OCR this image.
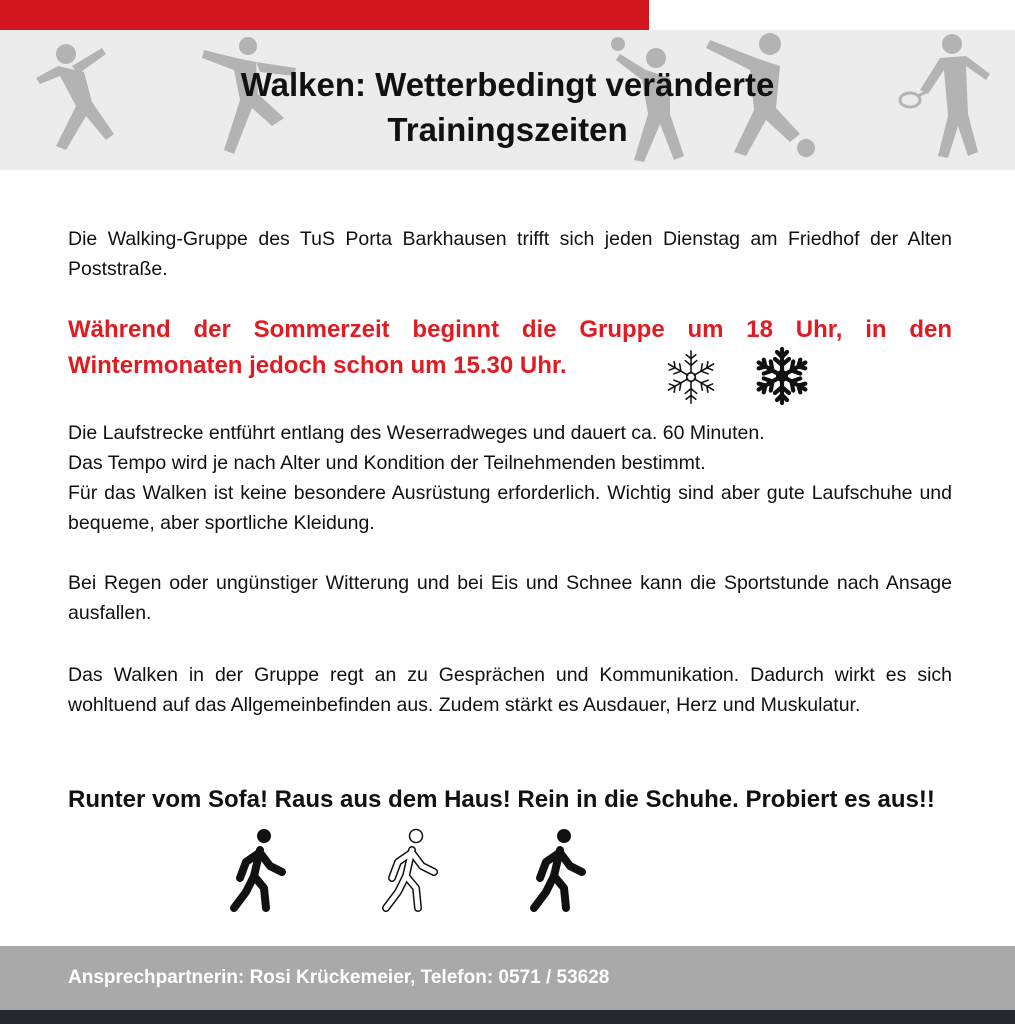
Walken: Wetterbedingt veränderte
Trainingszeiten
Die Walking-Gruppe des TuS Porta Barkhausen trifft sich jeden Dienstag am Friedhof der Alten Poststraße.
Während der Sommerzeit beginnt die Gruppe um 18 Uhr, in den
Wintermonaten jedoch schon um 15.30 Uhr.
Die Laufstrecke entführt entlang des Weserradweges und dauert ca. 60 Minuten.
Das Tempo wird je nach Alter und Kondition der Teilnehmenden bestimmt.
Für das Walken ist keine besondere Ausrüstung erforderlich. Wichtig sind aber gute Laufschuhe und bequeme, aber sportliche Kleidung.
Bei Regen oder ungünstiger Witterung und bei Eis und Schnee kann die Sportstunde nach Ansage ausfallen.
Das Walken in der Gruppe regt an zu Gesprächen und Kommunikation. Dadurch wirkt es sich wohltuend auf das Allgemeinbefinden aus. Zudem stärkt es Ausdauer, Herz und Muskulatur.
Runter vom Sofa! Raus aus dem Haus! Rein in die Schuhe. Probiert es aus!!
Ansprechpartnerin: Rosi Krückemeier, Telefon: 0571 / 53628
